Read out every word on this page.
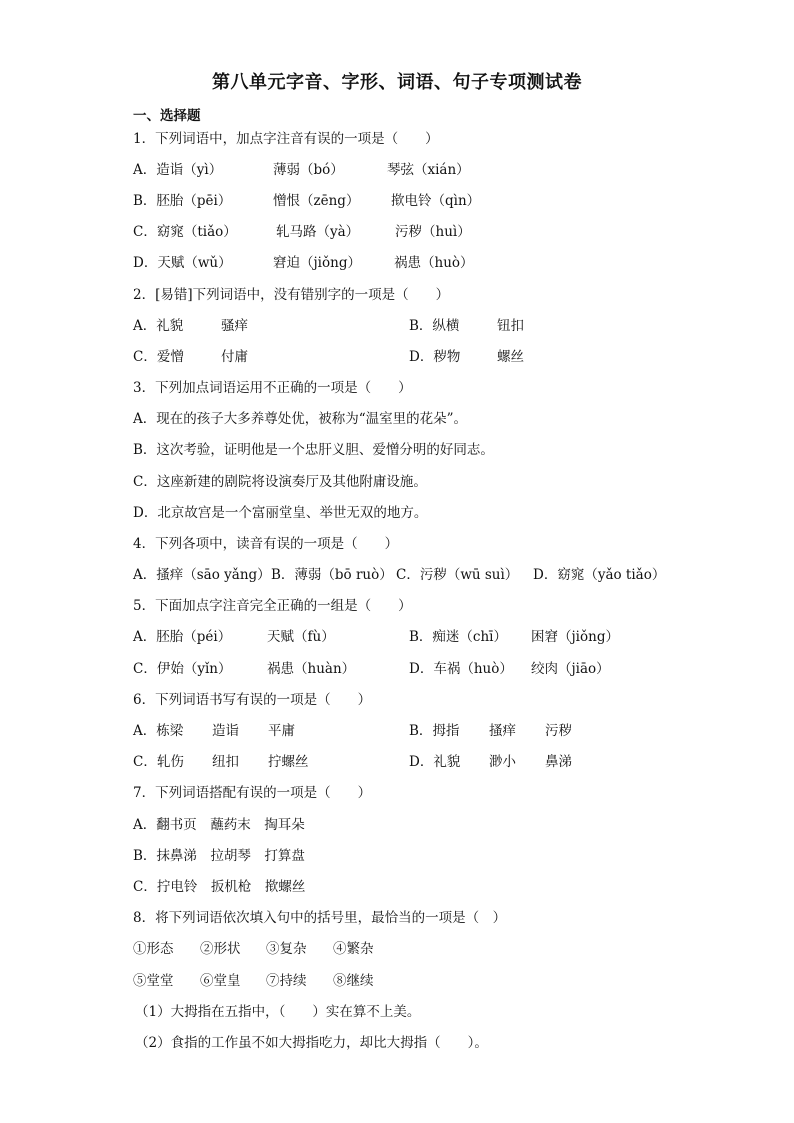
第八单元字音、字形、词语、句子专项测试卷
一、选择题
1．下列词语中，加点字注音有误的一项是（　　）
A．造诣（yì）	薄弱（bó）	琴弦（xián）
B．胚胎（pēi）	憎恨（zēng） 揿电铃（qìn）
C．窈窕（tiǎo）	轧马路（yà）	污秽（huì）
D．天赋（wǔ）	窘迫（jiǒng） 祸患（huò）
2．[易错]下列词语中，没有错别字的一项是（　　）
A．礼貌	骚痒	B．纵横	钮扣
C．爱憎	付庸	D．秽物	螺丝
3．下列加点词语运用不正确的一项是（　　）
A．现在的孩子大多养尊处优，被称为“温室里的花朵”。
B．这次考验，证明他是一个忠肝义胆、爱憎分明的好同志。
C．这座新建的剧院将设演奏厅及其他附庸设施。
D．北京故宫是一个富丽堂皇、举世无双的地方。
4．下列各项中，读音有误的一项是（　　）
A．搔痒（sāo yǎng） B．薄弱（bō ruò） C．污秽（wū suì） D．窈窕（yǎo tiǎo）
5．下面加点字注音完全正确的一组是（　　）
A．胚胎（péi）	天赋（fù）	B．痴迷（chī） 困窘（jiǒng）
C．伊始（yǐn）	祸患（huàn）	D．车祸（huò） 绞肉（jiāo）
6．下列词语书写有误的一项是（　　）
A．栋梁 造诣 平庸	B．拇指 搔痒 污秽
C．轧伤 纽扣 拧螺丝	D．礼貌 渺小 鼻涕
7．下列词语搭配有误的一项是（　　）
A．翻书页　蘸药末　掏耳朵
B．抹鼻涕　拉胡琴　打算盘
C．拧电铃　扳机枪　揿螺丝
8．将下列词语依次填入句中的括号里，最恰当的一项是（　）
①形态 ②形状 ③复杂 ④繁杂
⑤堂堂 ⑥堂皇 ⑦持续 ⑧继续
（1）大拇指在五指中，（　　）实在算不上美。
（2）食指的工作虽不如大拇指吃力，却比大拇指（　　）。
